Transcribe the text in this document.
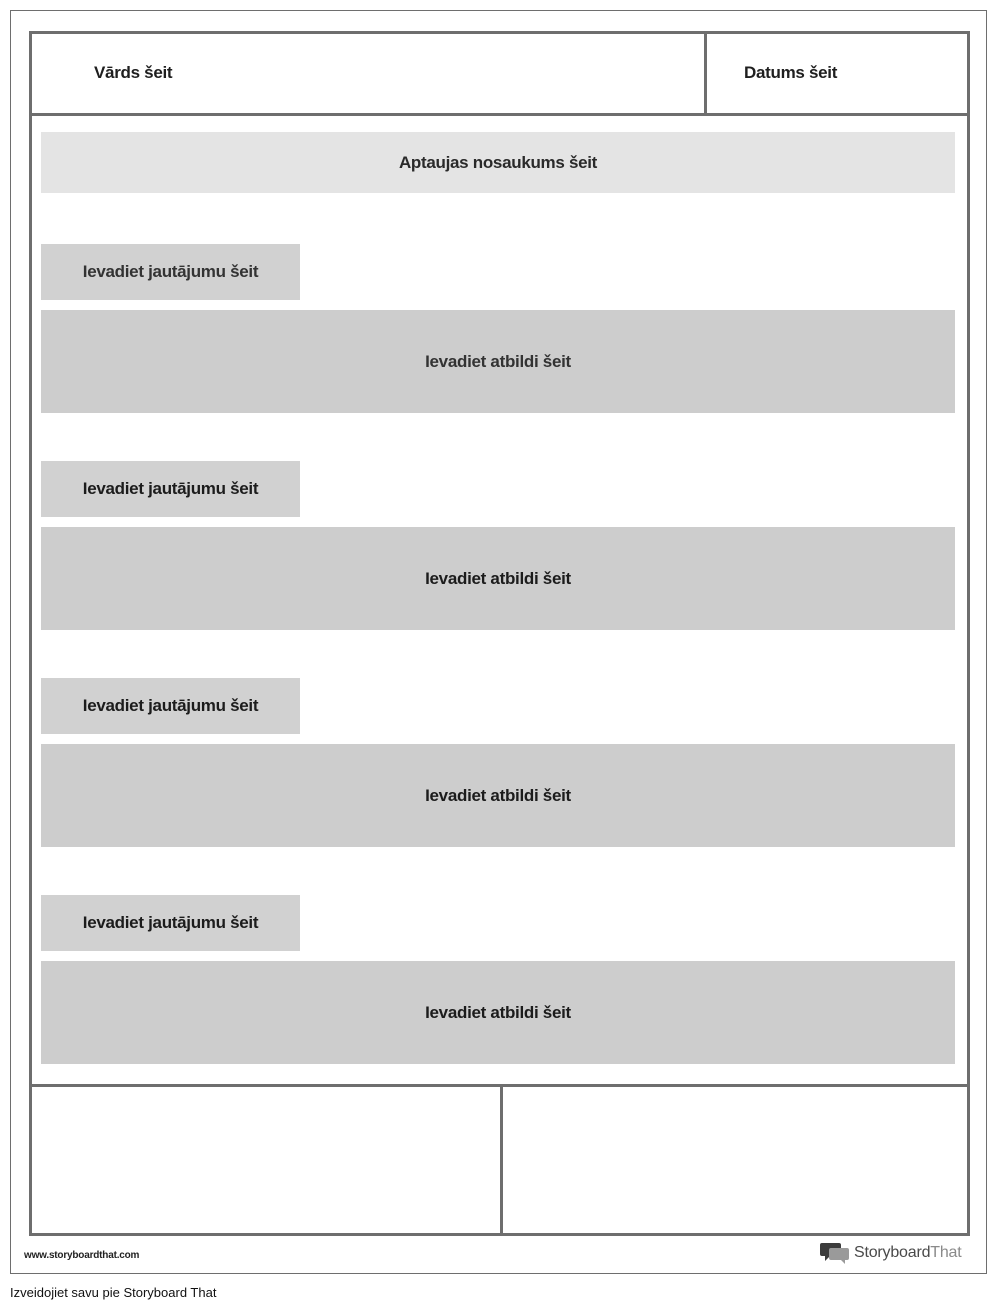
Vārds šeit	Datums šeit
Aptaujas nosaukums šeit
Ievadiet jautājumu šeit
Ievadiet atbildi šeit
Ievadiet jautājumu šeit
Ievadiet atbildi šeit
Ievadiet jautājumu šeit
Ievadiet atbildi šeit
Ievadiet jautājumu šeit
Ievadiet atbildi šeit
www.storyboardthat.com	StoryboardThat
Izveidojiet savu pie Storyboard That
